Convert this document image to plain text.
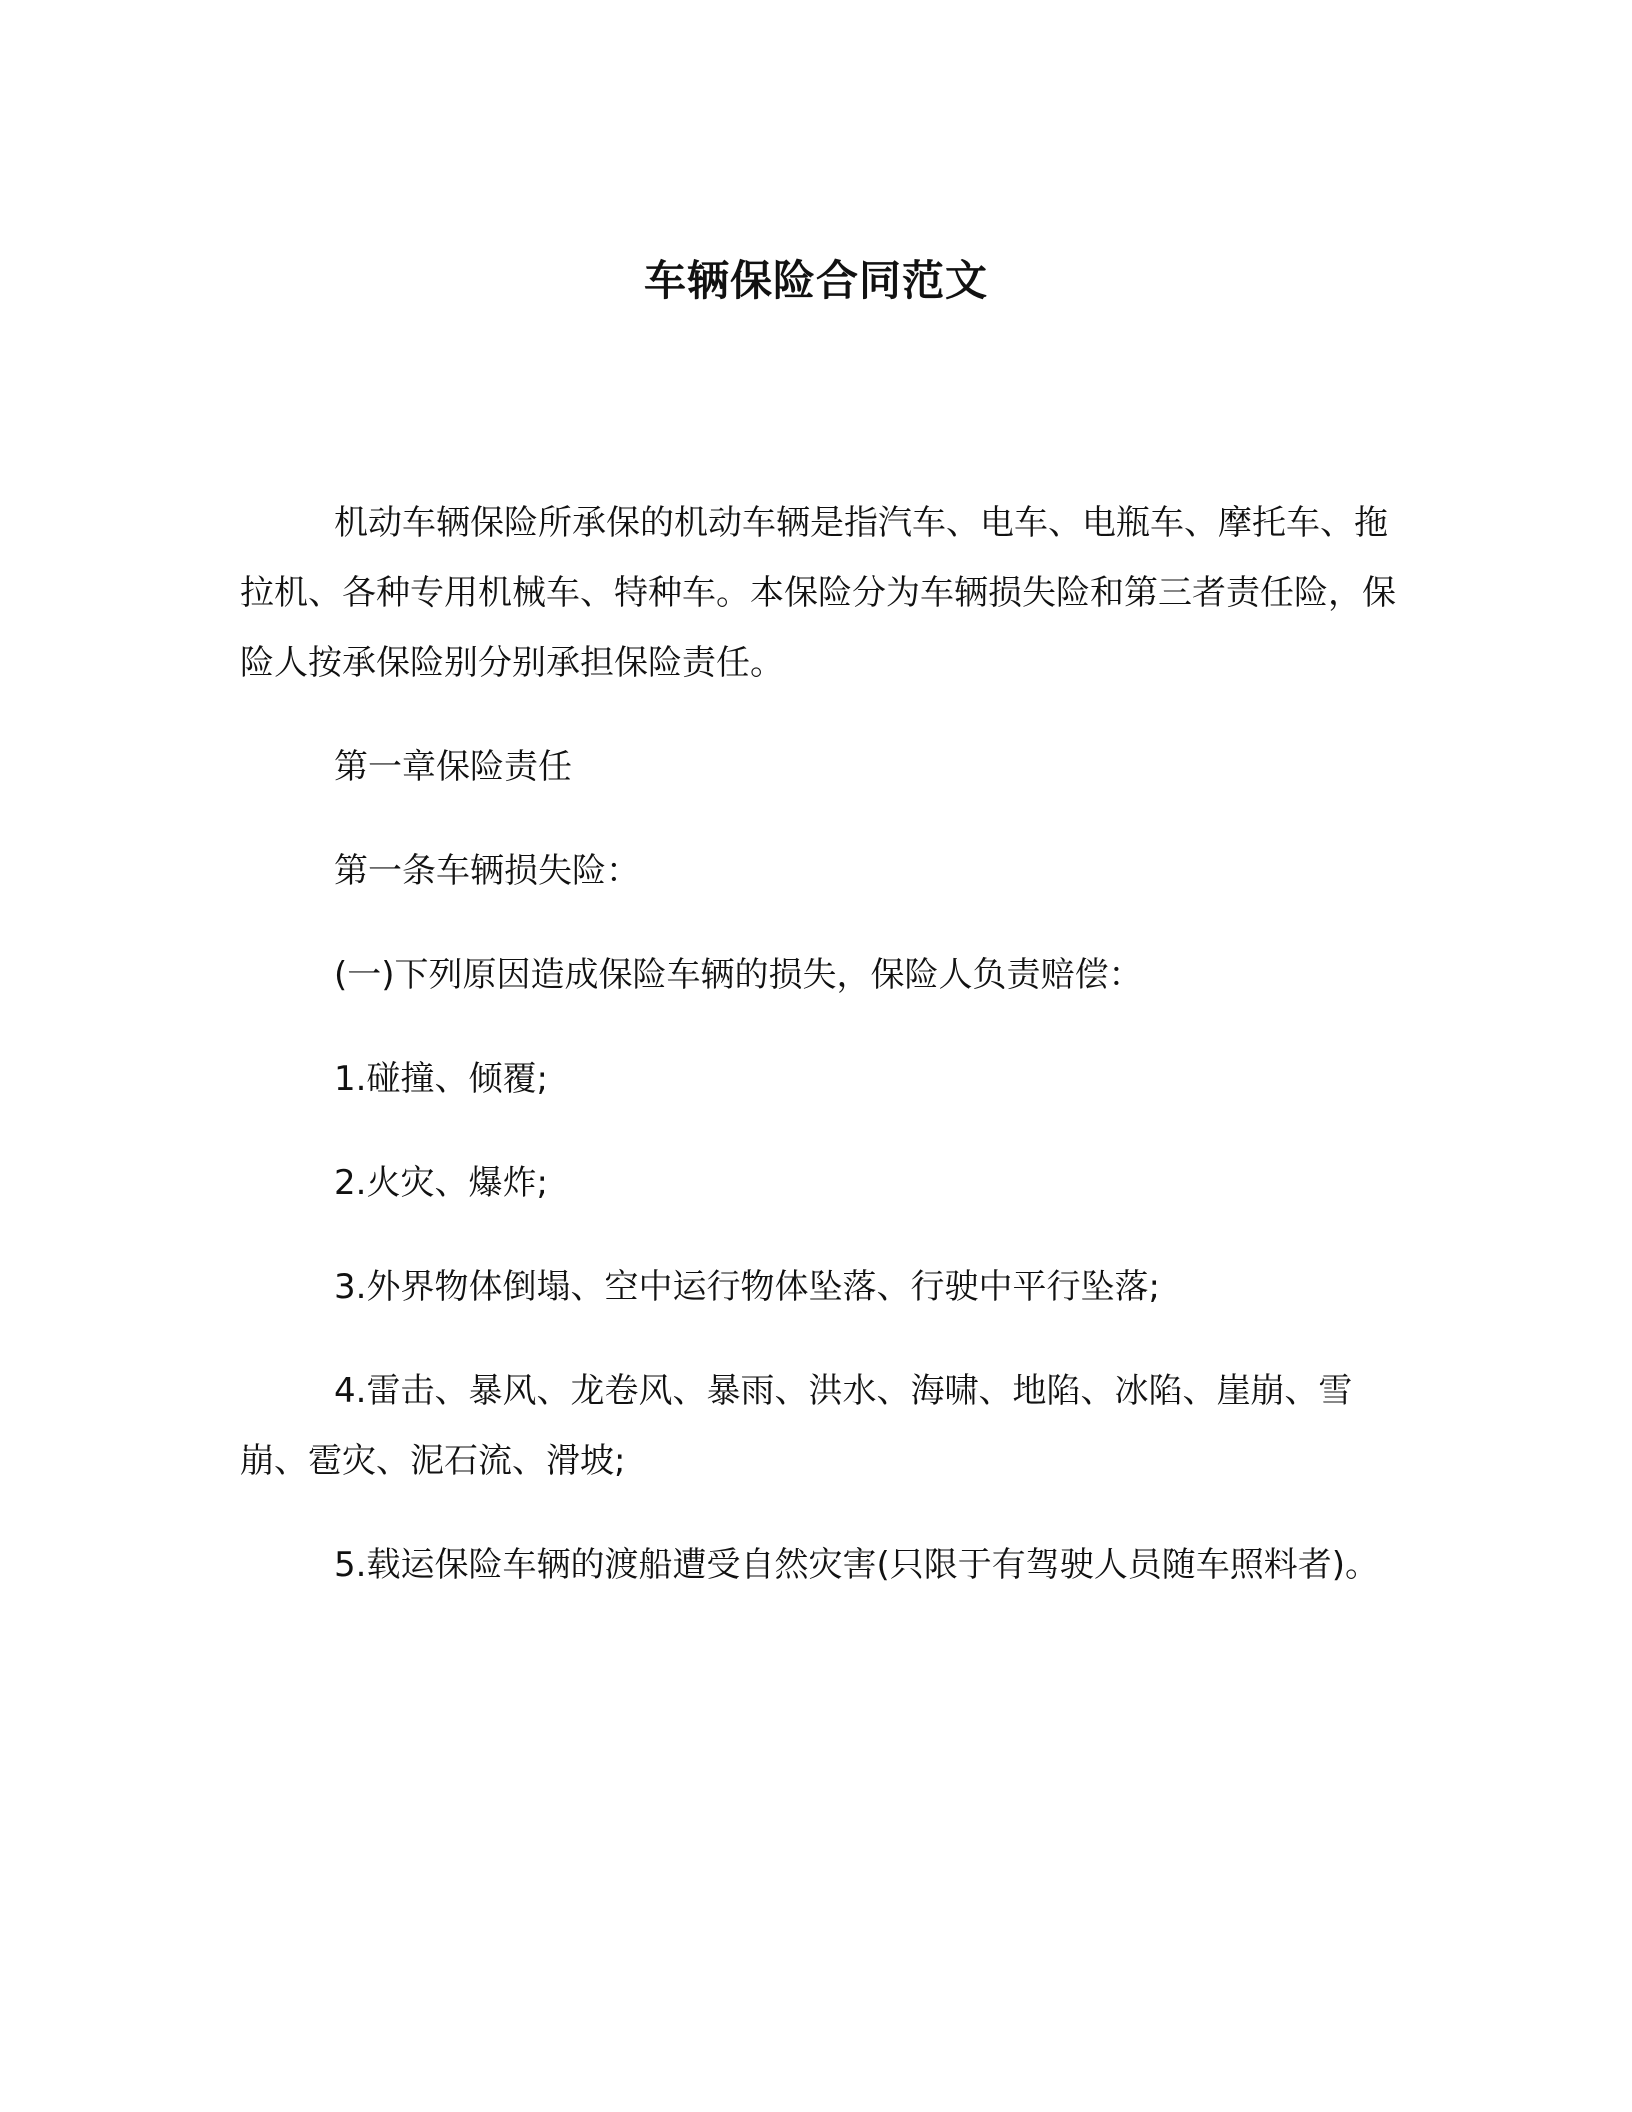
车辆保险合同范文

机动车辆保险所承保的机动车辆是指汽车、电车、电瓶车、摩托车、拖拉机、各种专用机械车、特种车。本保险分为车辆损失险和第三者责任险，保险人按承保险别分别承担保险责任。

第一章保险责任

第一条车辆损失险：

(一)下列原因造成保险车辆的损失，保险人负责赔偿：

1.碰撞、倾覆;

2.火灾、爆炸;

3.外界物体倒塌、空中运行物体坠落、行驶中平行坠落;

4.雷击、暴风、龙卷风、暴雨、洪水、海啸、地陷、冰陷、崖崩、雪崩、雹灾、泥石流、滑坡;

5.载运保险车辆的渡船遭受自然灾害(只限于有驾驶人员随车照料者)。
